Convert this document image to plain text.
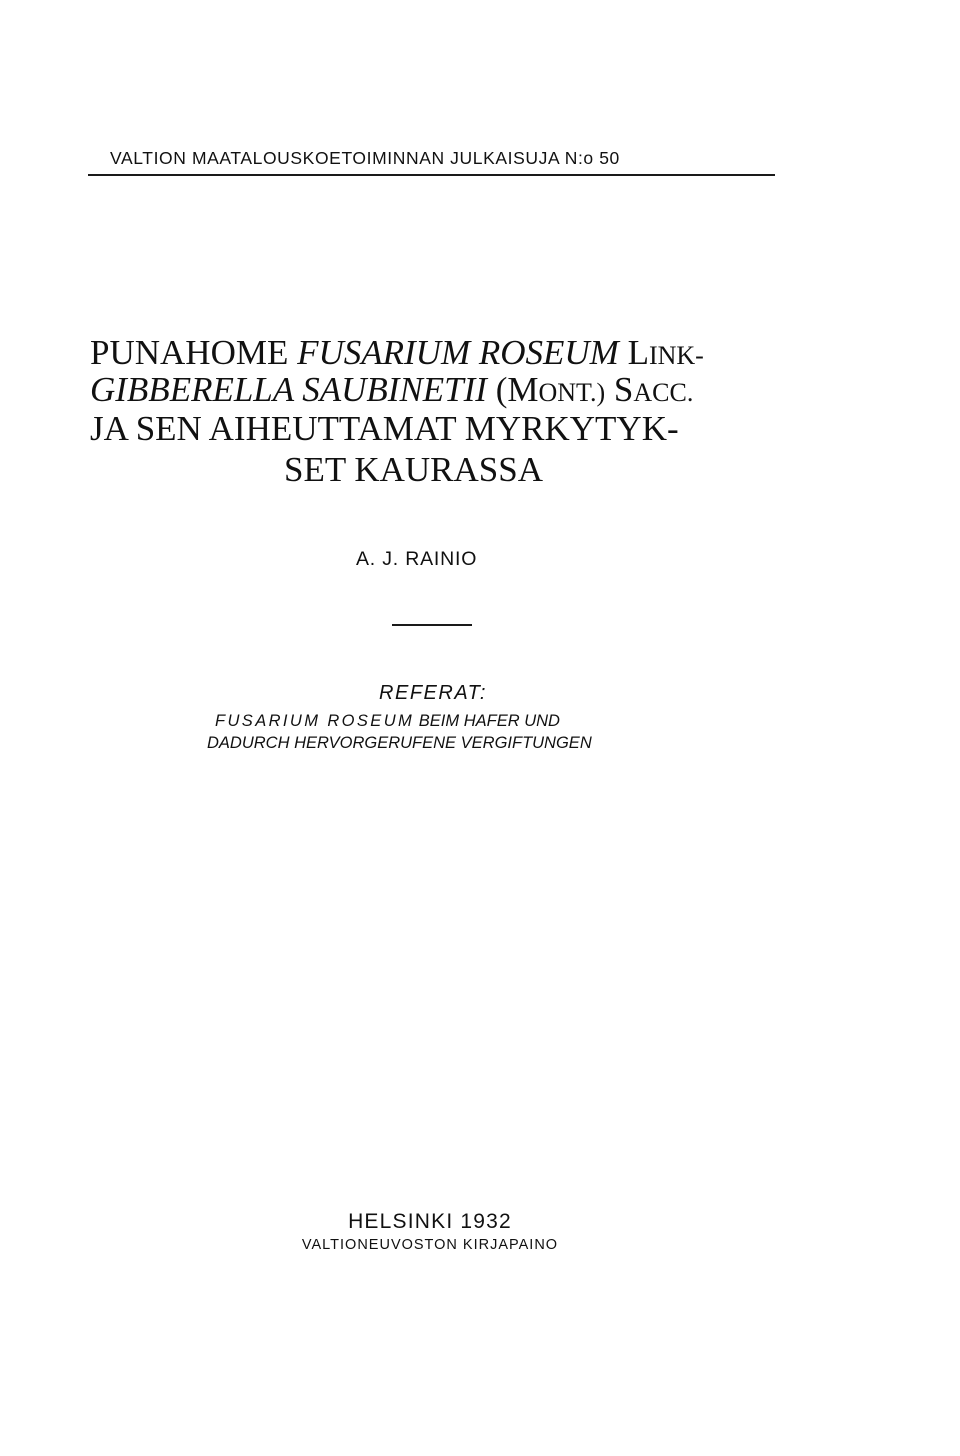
VALTION MAATALOUSKOETOIMINNAN JULKAISUJA N:o 50

PUNAHOME FUSARIUM ROSEUM LINK-

GIBBERELLA SAUBINETII (MONT.) SACC.

JA SEN AIHEUTTAMAT MYRKYTYK-

SET KAURASSA

A. J. RAINIO

REFERAT:

FUSARIUM ROSEUM BEIM HAFER UND

DADURCH HERVORGERUFENE VERGIFTUNGEN

HELSINKI 1932

VALTIONEUVOSTON KIRJAPAINO
